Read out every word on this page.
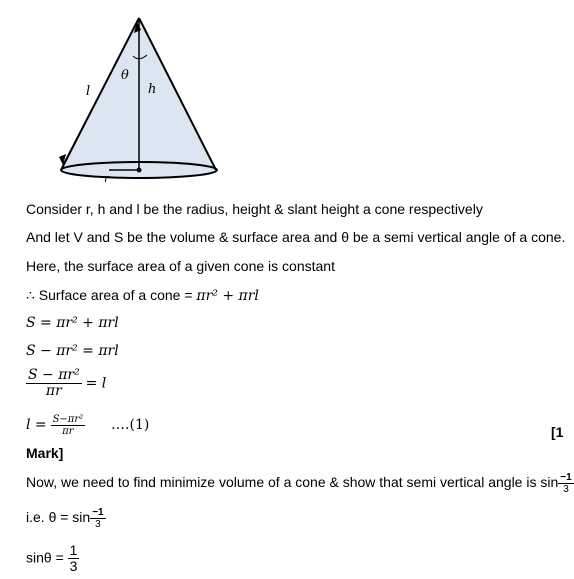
θ
h
l
r
Consider r, h and l be the radius, height & slant height a cone respectively
And let V and S be the volume & surface area and θ be a semi vertical angle of a cone.
Here, the surface area of a given cone is constant
∴ Surface area of a cone = πr² + πrl
S = πr² + πrl
S − πr² = πrl
$\frac{\text{S − πr²}}{\pi r} = l$
$l = \frac{\text{S−πr²}}{\pi r}$ ….(1)	[1
Mark]
Now, we need to find minimize volume of a cone & show that semi vertical angle is $\sin \frac{-1}{3}$
i.e. $\theta = \sin \frac{-1}{3}$
$\sin\theta = \frac{1}{3}$
